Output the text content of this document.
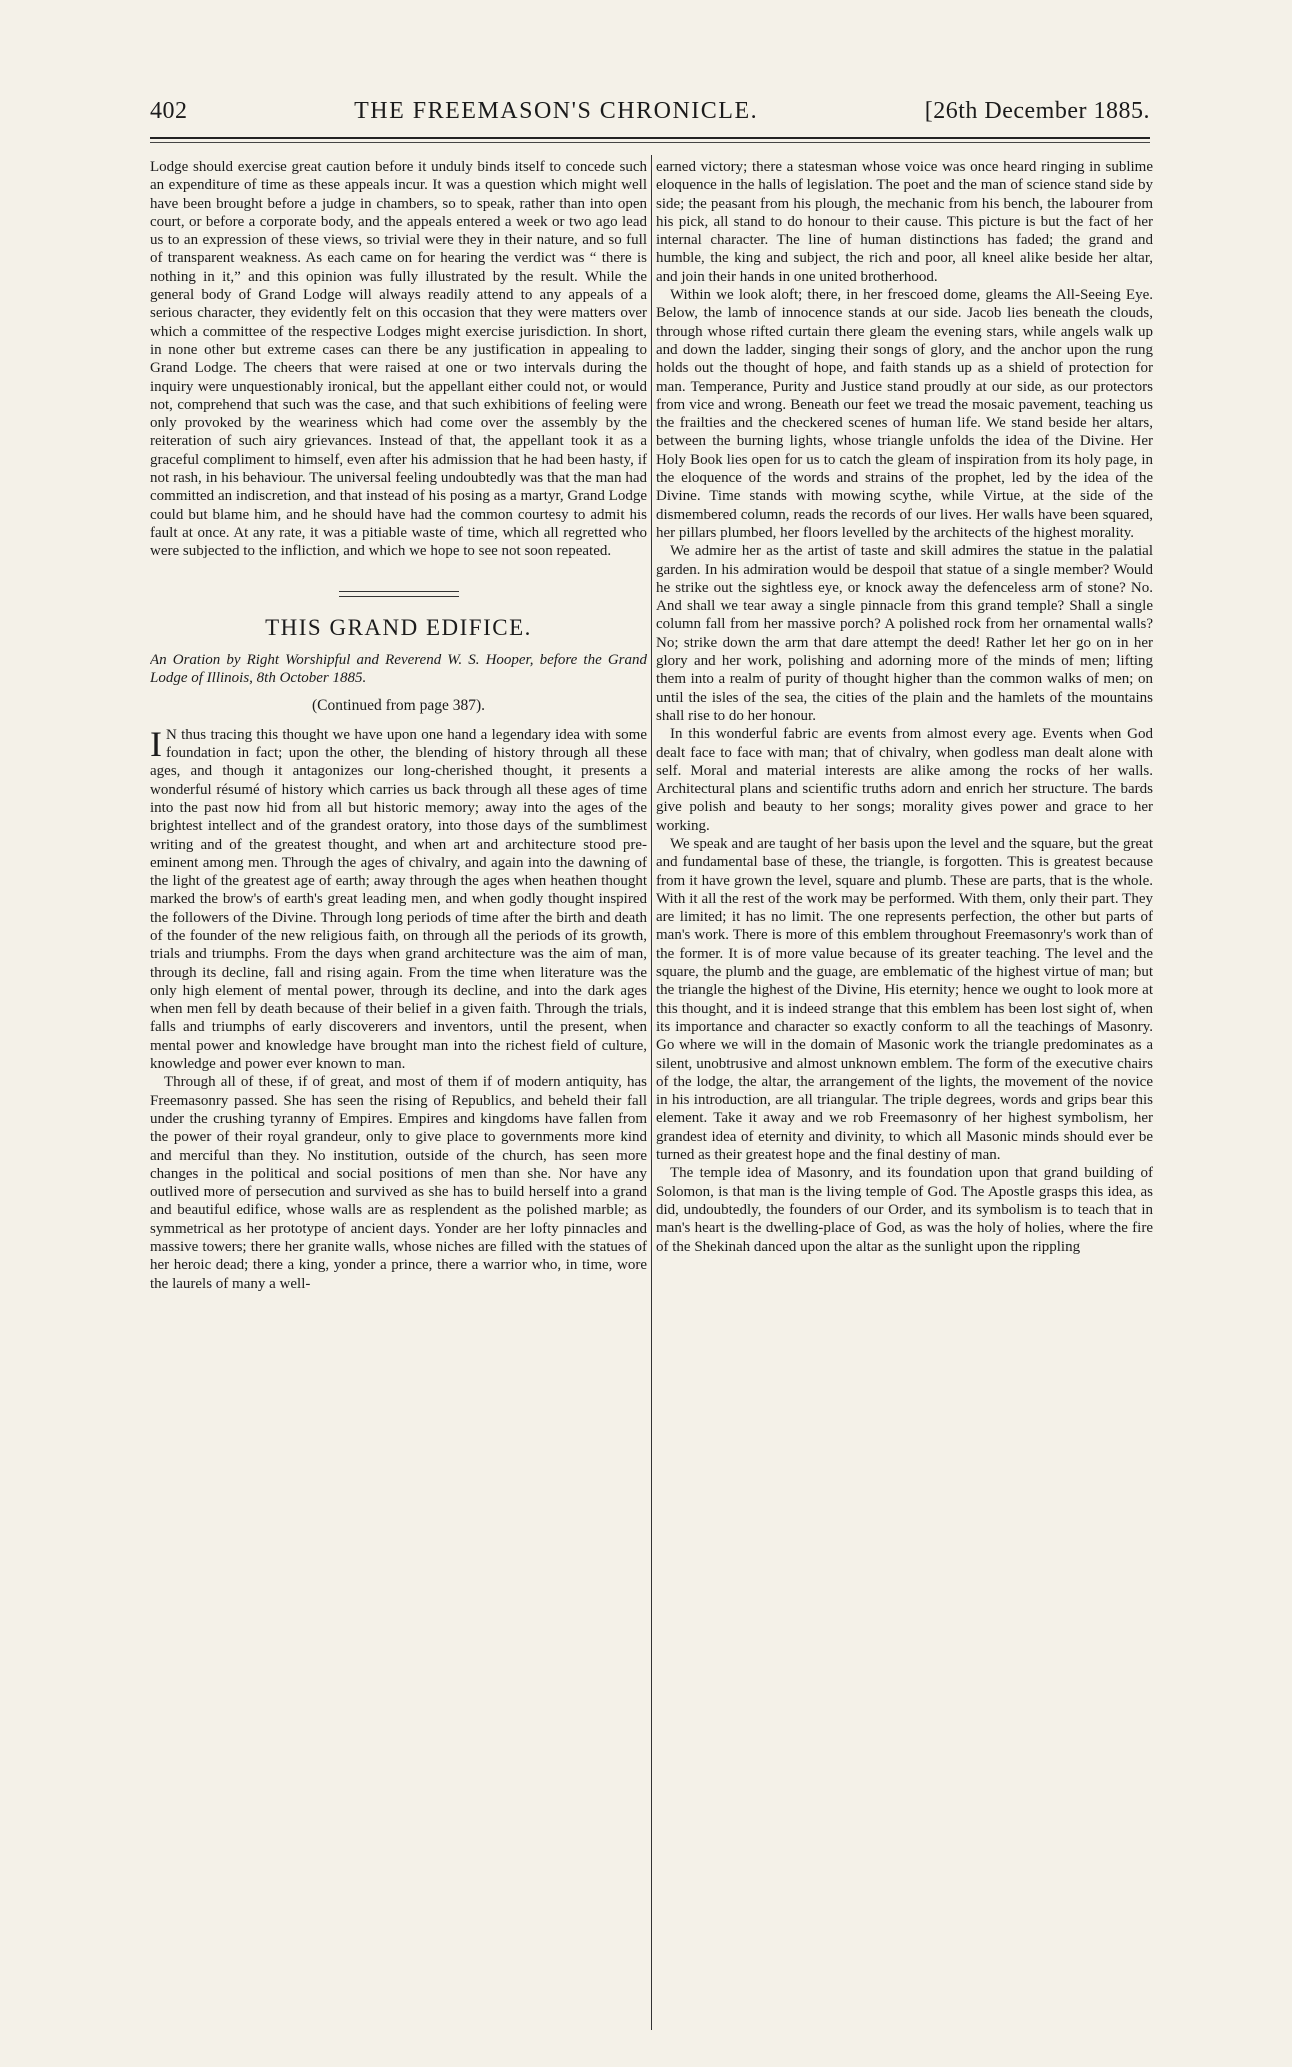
402	THE FREEMASON'S CHRONICLE.	[26th December 1885.

Lodge should exercise great caution before it unduly binds itself to concede such an expenditure of time as these appeals incur. It was a question which might well have been brought before a judge in chambers, so to speak, rather than into open court, or before a corporate body, and the appeals entered a week or two ago lead us to an expression of these views, so trivial were they in their nature, and so full of transparent weakness. As each came on for hearing the verdict was “ there is nothing in it,” and this opinion was fully illustrated by the result. While the general body of Grand Lodge will always readily attend to any appeals of a serious character, they evidently felt on this occasion that they were matters over which a committee of the respective Lodges might exercise jurisdiction. In short, in none other but extreme cases can there be any justification in appealing to Grand Lodge. The cheers that were raised at one or two intervals during the inquiry were unquestionably ironical, but the appellant either could not, or would not, comprehend that such was the case, and that such exhibitions of feeling were only provoked by the weariness which had come over the assembly by the reiteration of such airy grievances. Instead of that, the appellant took it as a graceful compliment to himself, even after his admission that he had been hasty, if not rash, in his behaviour. The universal feeling undoubtedly was that the man had committed an indiscretion, and that instead of his posing as a martyr, Grand Lodge could but blame him, and he should have had the common courtesy to admit his fault at once. At any rate, it was a pitiable waste of time, which all regretted who were subjected to the infliction, and which we hope to see not soon repeated.

THIS GRAND EDIFICE.

An Oration by Right Worshipful and Reverend W. S. Hooper, before the Grand Lodge of Illinois, 8th October 1885.

(Continued from page 387).

I N thus tracing this thought we have upon one hand a legendary idea with some foundation in fact; upon the other, the blending of history through all these ages, and though it antagonizes our long-cherished thought, it presents a wonderful résumé of history which carries us back through all these ages of time into the past now hid from all but historic memory; away into the ages of the brightest intellect and of the grandest oratory, into those days of the sumblimest writing and of the greatest thought, and when art and architecture stood pre-eminent among men. Through the ages of chivalry, and again into the dawning of the light of the greatest age of earth; away through the ages when heathen thought marked the brow's of earth's great leading men, and when godly thought inspired the followers of the Divine. Through long periods of time after the birth and death of the founder of the new religious faith, on through all the periods of its growth, trials and triumphs. From the days when grand architecture was the aim of man, through its decline, fall and rising again. From the time when literature was the only high element of mental power, through its decline, and into the dark ages when men fell by death because of their belief in a given faith. Through the trials, falls and triumphs of early discoverers and inventors, until the present, when mental power and knowledge have brought man into the richest field of culture, knowledge and power ever known to man.

Through all of these, if of great, and most of them if of modern antiquity, has Freemasonry passed. She has seen the rising of Republics, and beheld their fall under the crushing tyranny of Empires. Empires and kingdoms have fallen from the power of their royal grandeur, only to give place to governments more kind and merciful than they. No institution, outside of the church, has seen more changes in the political and social positions of men than she. Nor have any outlived more of persecution and survived as she has to build herself into a grand and beautiful edifice, whose walls are as resplendent as the polished marble; as symmetrical as her prototype of ancient days. Yonder are her lofty pinnacles and massive towers; there her granite walls, whose niches are filled with the statues of her heroic dead; there a king, yonder a prince, there a warrior who, in time, wore the laurels of many a well-

earned victory; there a statesman whose voice was once heard ringing in sublime eloquence in the halls of legislation. The poet and the man of science stand side by side; the peasant from his plough, the mechanic from his bench, the labourer from his pick, all stand to do honour to their cause. This picture is but the fact of her internal character. The line of human distinctions has faded; the grand and humble, the king and subject, the rich and poor, all kneel alike beside her altar, and join their hands in one united brotherhood.

Within we look aloft; there, in her frescoed dome, gleams the All-Seeing Eye. Below, the lamb of innocence stands at our side. Jacob lies beneath the clouds, through whose rifted curtain there gleam the evening stars, while angels walk up and down the ladder, singing their songs of glory, and the anchor upon the rung holds out the thought of hope, and faith stands up as a shield of protection for man. Temperance, Purity and Justice stand proudly at our side, as our protectors from vice and wrong. Beneath our feet we tread the mosaic pavement, teaching us the frailties and the checkered scenes of human life. We stand beside her altars, between the burning lights, whose triangle unfolds the idea of the Divine. Her Holy Book lies open for us to catch the gleam of inspiration from its holy page, in the eloquence of the words and strains of the prophet, led by the idea of the Divine. Time stands with mowing scythe, while Virtue, at the side of the dismembered column, reads the records of our lives. Her walls have been squared, her pillars plumbed, her floors levelled by the architects of the highest morality.

We admire her as the artist of taste and skill admires the statue in the palatial garden. In his admiration would be despoil that statue of a single member? Would he strike out the sightless eye, or knock away the defenceless arm of stone? No. And shall we tear away a single pinnacle from this grand temple? Shall a single column fall from her massive porch? A polished rock from her ornamental walls? No; strike down the arm that dare attempt the deed! Rather let her go on in her glory and her work, polishing and adorning more of the minds of men; lifting them into a realm of purity of thought higher than the common walks of men; on until the isles of the sea, the cities of the plain and the hamlets of the mountains shall rise to do her honour.

In this wonderful fabric are events from almost every age. Events when God dealt face to face with man; that of chivalry, when godless man dealt alone with self. Moral and material interests are alike among the rocks of her walls. Architectural plans and scientific truths adorn and enrich her structure. The bards give polish and beauty to her songs; morality gives power and grace to her working.

We speak and are taught of her basis upon the level and the square, but the great and fundamental base of these, the triangle, is forgotten. This is greatest because from it have grown the level, square and plumb. These are parts, that is the whole. With it all the rest of the work may be performed. With them, only their part. They are limited; it has no limit. The one represents perfection, the other but parts of man's work. There is more of this emblem throughout Freemasonry's work than of the former. It is of more value because of its greater teaching. The level and the square, the plumb and the guage, are emblematic of the highest virtue of man; but the triangle the highest of the Divine, His eternity; hence we ought to look more at this thought, and it is indeed strange that this emblem has been lost sight of, when its importance and character so exactly conform to all the teachings of Masonry. Go where we will in the domain of Masonic work the triangle predominates as a silent, unobtrusive and almost unknown emblem. The form of the executive chairs of the lodge, the altar, the arrangement of the lights, the movement of the novice in his introduction, are all triangular. The triple degrees, words and grips bear this element. Take it away and we rob Freemasonry of her highest symbolism, her grandest idea of eternity and divinity, to which all Masonic minds should ever be turned as their greatest hope and the final destiny of man.

The temple idea of Masonry, and its foundation upon that grand building of Solomon, is that man is the living temple of God. The Apostle grasps this idea, as did, undoubtedly, the founders of our Order, and its symbolism is to teach that in man's heart is the dwelling-place of God, as was the holy of holies, where the fire of the Shekinah danced upon the altar as the sunlight upon the rippling
